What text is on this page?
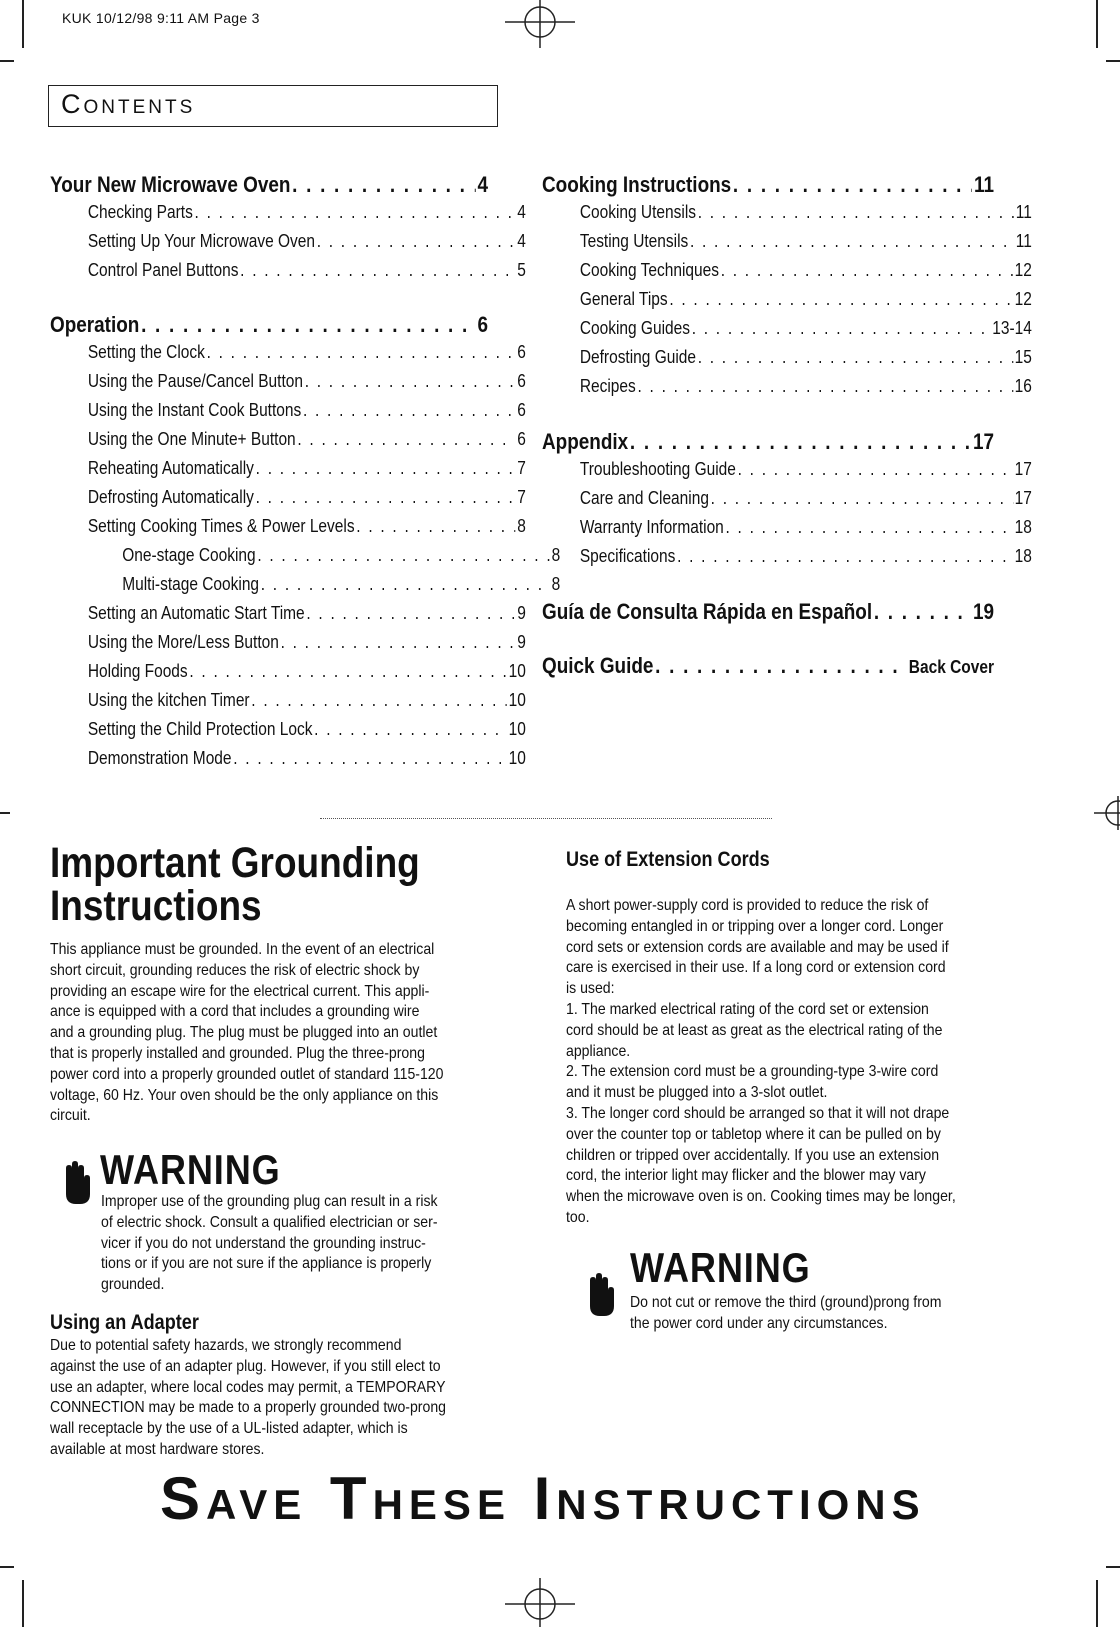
KUK 10/12/98 9:11 AM Page 3
Contents
Your New Microwave Oven . . .	4
Checking Parts . . .	4
Setting Up Your Microwave Oven . . .	4
Control Panel Buttons . . .	5
Operation . . .	6
Setting the Clock . . .	6
Using the Pause/Cancel Button . . .	6
Using the Instant Cook Buttons . . .	6
Using the One Minute+ Button . . .	6
Reheating Automatically . . .	7
Defrosting Automatically . . .	7
Setting Cooking Times & Power Levels . . .	8
One-stage Cooking . . .	8
Multi-stage Cooking . . .	8
Setting an Automatic Start Time . . .	9
Using the More/Less Button . . .	9
Holding Foods . . .	10
Using the kitchen Timer . . .	10
Setting the Child Protection Lock . . .	10
Demonstration Mode . . .	10
Cooking Instructions . . .	11
Cooking Utensils . . .	11
Testing Utensils . . .	11
Cooking Techniques . . .	12
General Tips . . .	12
Cooking Guides . . .	13-14
Defrosting Guide . . .	15
Recipes . . .	16
Appendix . . .	17
Troubleshooting Guide . . .	17
Care and Cleaning . . .	17
Warranty Information . . .	18
Specifications . . .	18
Guía de Consulta Rápida en Español . . .	19
Quick Guide . . .	Back Cover
Important Grounding Instructions
This appliance must be grounded. In the event of an electrical
short circuit, grounding reduces the risk of electric shock by
providing an escape wire for the electrical current. This appli-
ance is equipped with a cord that includes a grounding wire
and a grounding plug. The plug must be plugged into an outlet
that is properly installed and grounded. Plug the three-prong
power cord into a properly grounded outlet of standard 115-120
voltage, 60 Hz. Your oven should be the only appliance on this
circuit.
WARNING
Improper use of the grounding plug can result in a risk
of electric shock. Consult a qualified electrician or ser-
vicer if you do not understand the grounding instruc-
tions or if you are not sure if the appliance is properly
grounded.
Using an Adapter
Due to potential safety hazards, we strongly recommend
against the use of an adapter plug. However, if you still elect to
use an adapter, where local codes may permit, a TEMPORARY
CONNECTION may be made to a properly grounded two-prong
wall receptacle by the use of a UL-listed adapter, which is
available at most hardware stores.
Use of Extension Cords
A short power-supply cord is provided to reduce the risk of
becoming entangled in or tripping over a longer cord. Longer
cord sets or extension cords are available and may be used if
care is exercised in their use. If a long cord or extension cord
is used:
1. The marked electrical rating of the cord set or extension
cord should be at least as great as the electrical rating of the
appliance.
2. The extension cord must be a grounding-type 3-wire cord
and it must be plugged into a 3-slot outlet.
3. The longer cord should be arranged so that it will not drape
over the counter top or tabletop where it can be pulled on by
children or tripped over accidentally. If you use an extension
cord, the interior light may flicker and the blower may vary
when the microwave oven is on. Cooking times may be longer,
too.
WARNING
Do not cut or remove the third (ground)prong from
the power cord under any circumstances.
Save These Instructions
